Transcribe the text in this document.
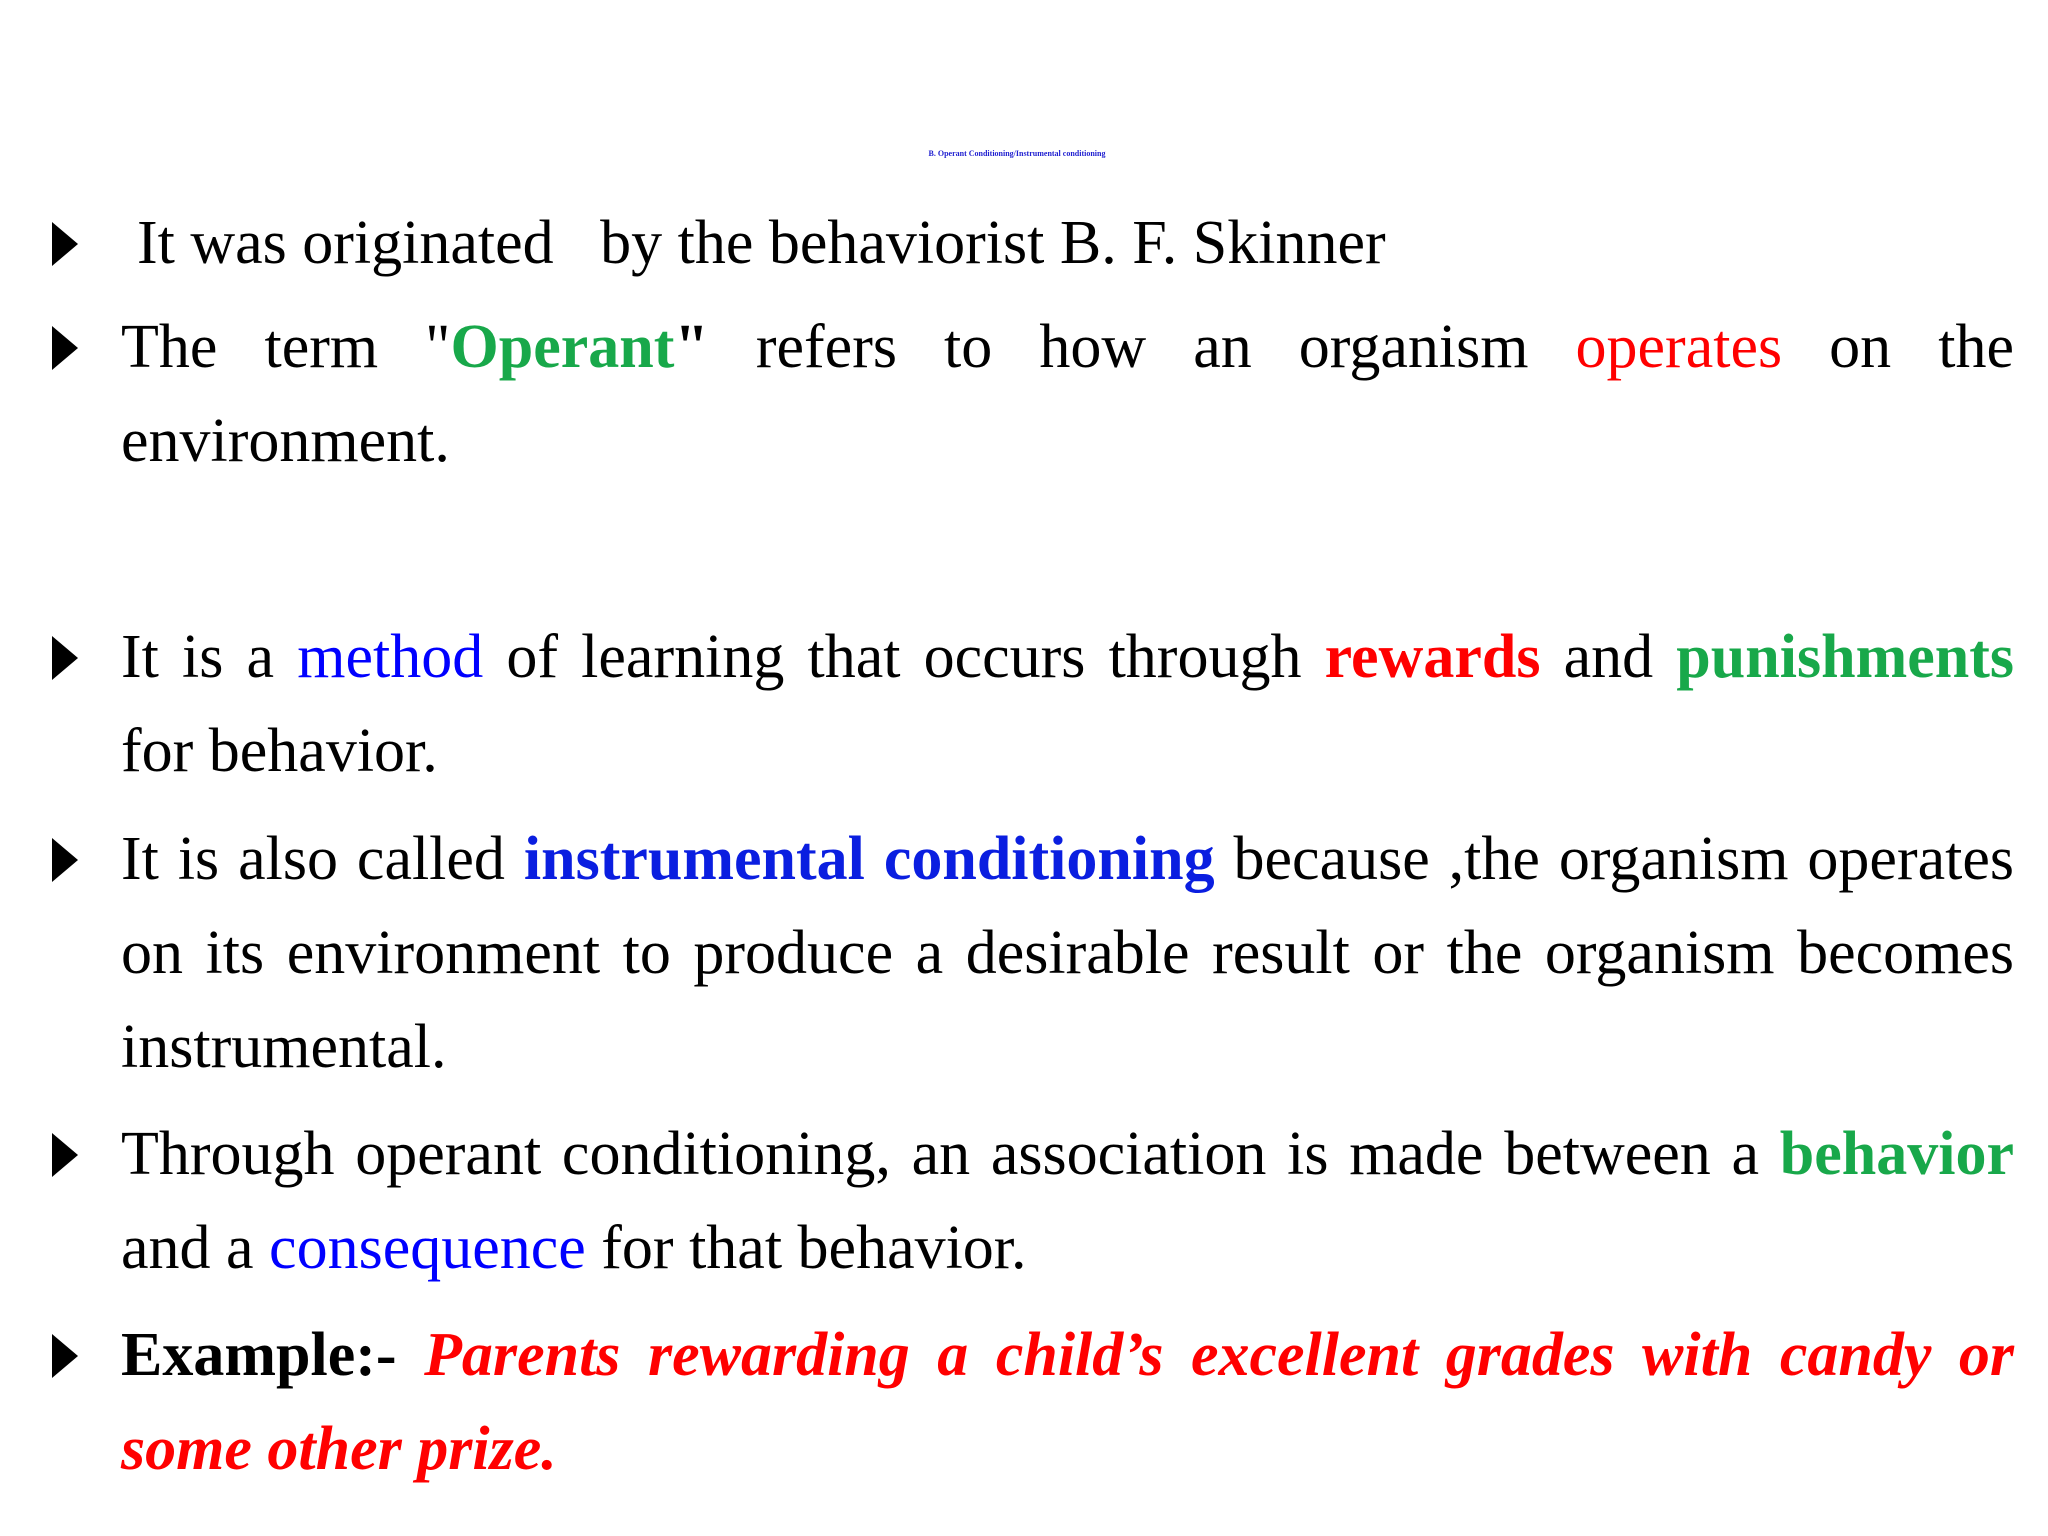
B. Operant Conditioning/Instrumental conditioning
It was originated   by the behaviorist B. F. Skinner
The term "Operant" refers to how an organism operates on the environment.
It is a method of learning that occurs through rewards and punishments for behavior.
It is also called instrumental conditioning because ,the organism operates on its environment to produce a desirable result or the organism becomes instrumental.
Through operant conditioning, an association is made between a behavior and a consequence for that behavior.
Example:- Parents rewarding a child’s excellent grades with candy or some other prize.
